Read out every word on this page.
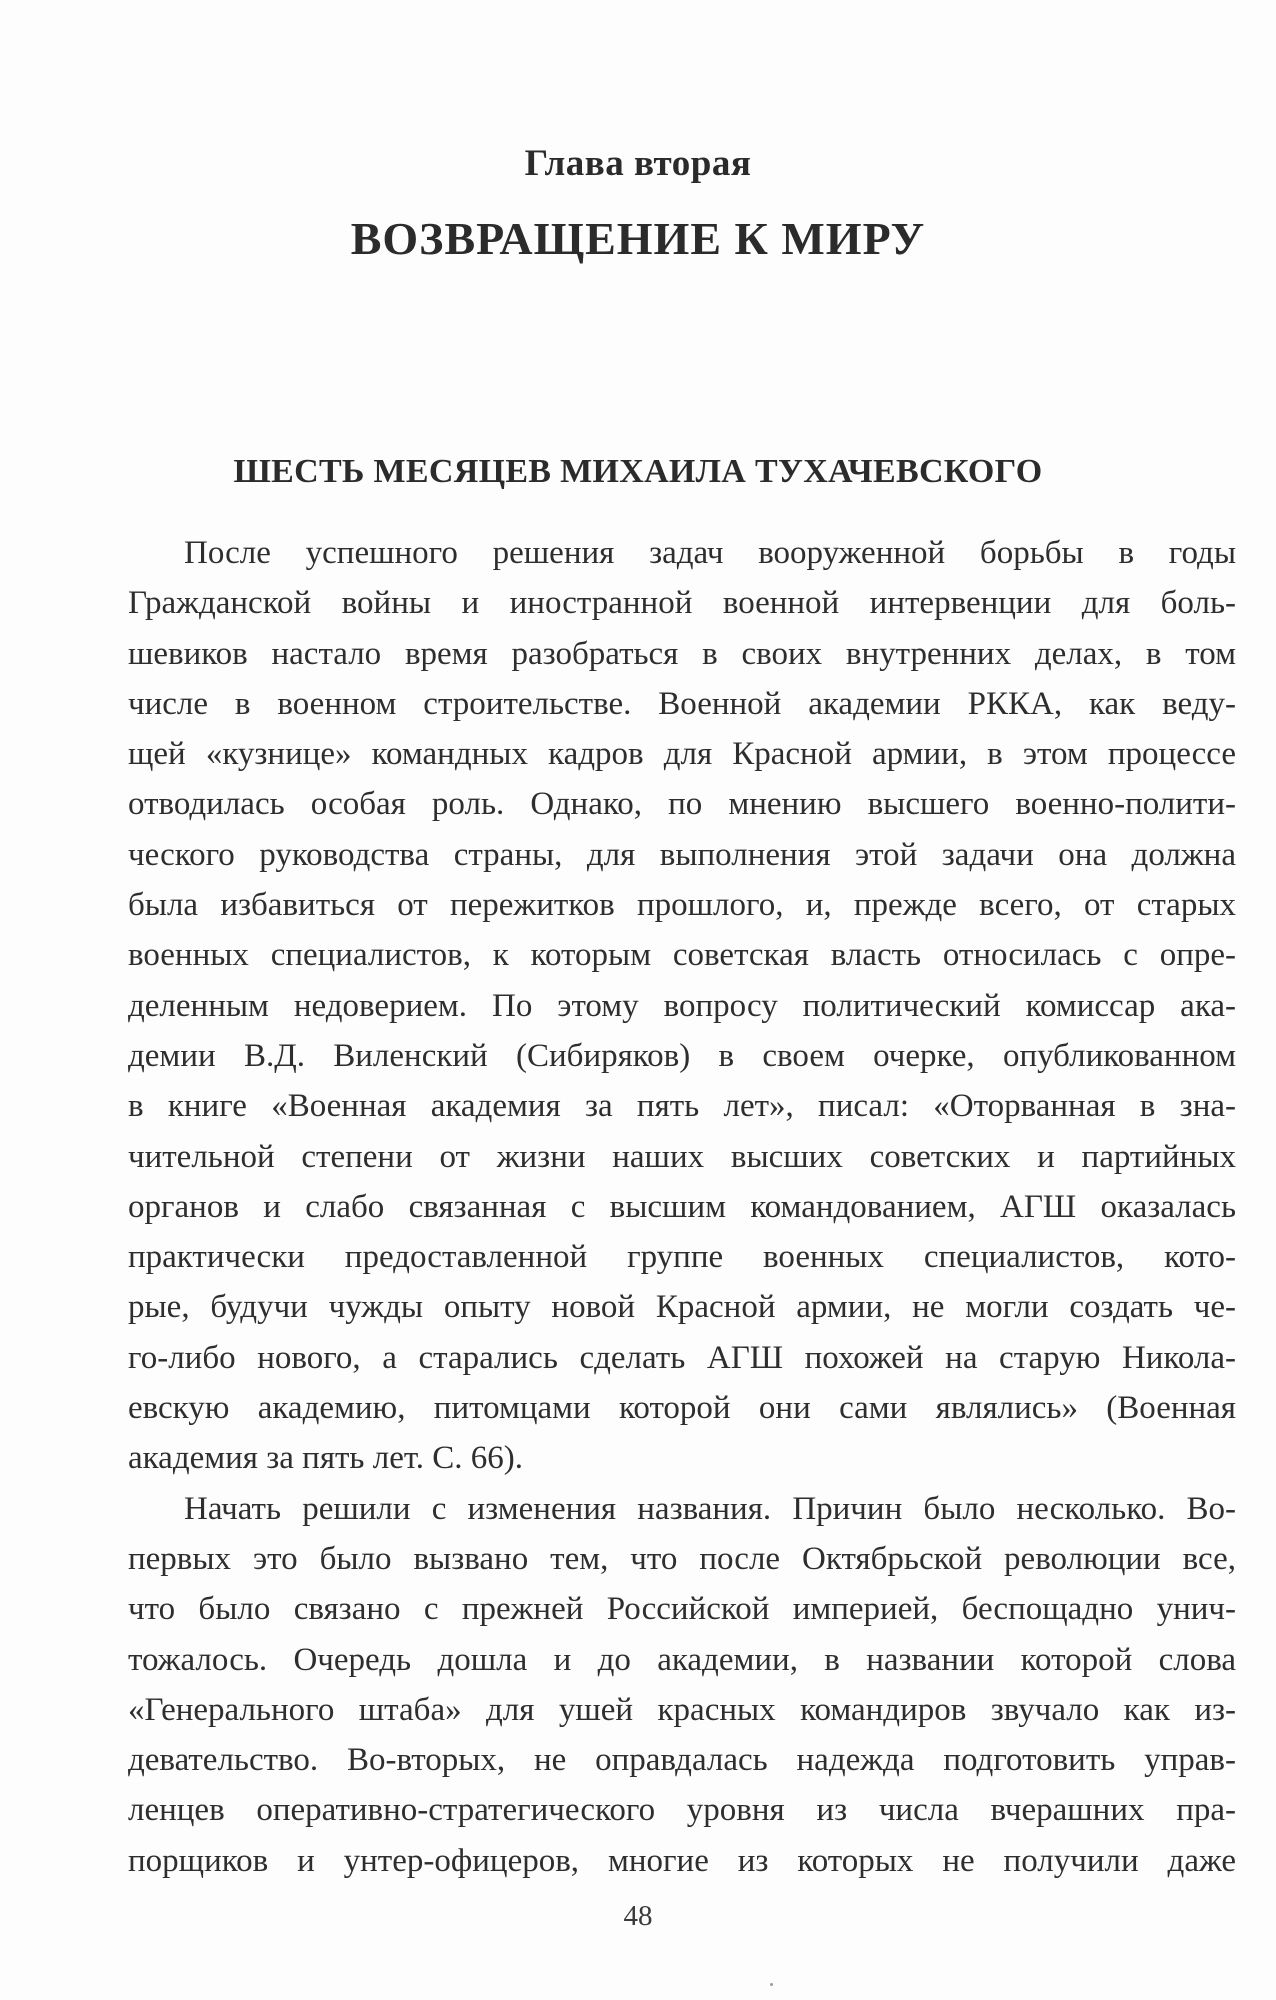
Глава вторая
ВОЗВРАЩЕНИЕ К МИРУ
ШЕСТЬ МЕСЯЦЕВ МИХАИЛА ТУХАЧЕВСКОГО

После успешного решения задач вооруженной борьбы в годы
Гражданской войны и иностранной военной интервенции для боль-
шевиков настало время разобраться в своих внутренних делах, в том
числе в военном строительстве. Военной академии РККА, как веду-
щей «кузнице» командных кадров для Красной армии, в этом процессе
отводилась особая роль. Однако, по мнению высшего военно-полити-
ческого руководства страны, для выполнения этой задачи она должна
была избавиться от пережитков прошлого, и, прежде всего, от старых
военных специалистов, к которым советская власть относилась с опре-
деленным недоверием. По этому вопросу политический комиссар ака-
демии В.Д. Виленский (Сибиряков) в своем очерке, опубликованном
в книге «Военная академия за пять лет», писал: «Оторванная в зна-
чительной степени от жизни наших высших советских и партийных
органов и слабо связанная с высшим командованием, АГШ оказалась
практически предоставленной группе военных специалистов, кото-
рые, будучи чужды опыту новой Красной армии, не могли создать че-
го-либо нового, а старались сделать АГШ похожей на старую Никола-
евскую академию, питомцами которой они сами являлись» (Военная
академия за пять лет. С. 66).

Начать решили с изменения названия. Причин было несколько. Во-
первых это было вызвано тем, что после Октябрьской революции все,
что было связано с прежней Российской империей, беспощадно унич-
тожалось. Очередь дошла и до академии, в названии которой слова
«Генерального штаба» для ушей красных командиров звучало как из-
девательство. Во-вторых, не оправдалась надежда подготовить управ-
ленцев оперативно-стратегического уровня из числа вчерашних пра-
порщиков и унтер-офицеров, многие из которых не получили даже

48
